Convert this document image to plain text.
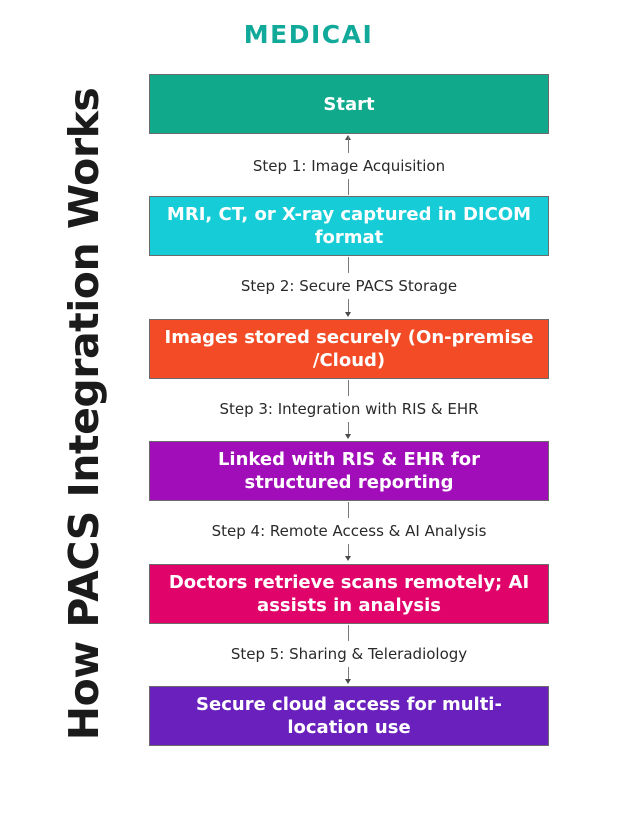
MEDICAI
How PACS Integration Works	Start
Step 1: Image Acquisition
MRI, CT, or X-ray captured in DICOM format
Step 2: Secure PACS Storage
Images stored securely (On-premise /Cloud)
Step 3: Integration with RIS & EHR
Linked with RIS & EHR for structured reporting
Step 4: Remote Access & AI Analysis
Doctors retrieve scans remotely; AI assists in analysis
Step 5: Sharing & Teleradiology
Secure cloud access for multi-location use
